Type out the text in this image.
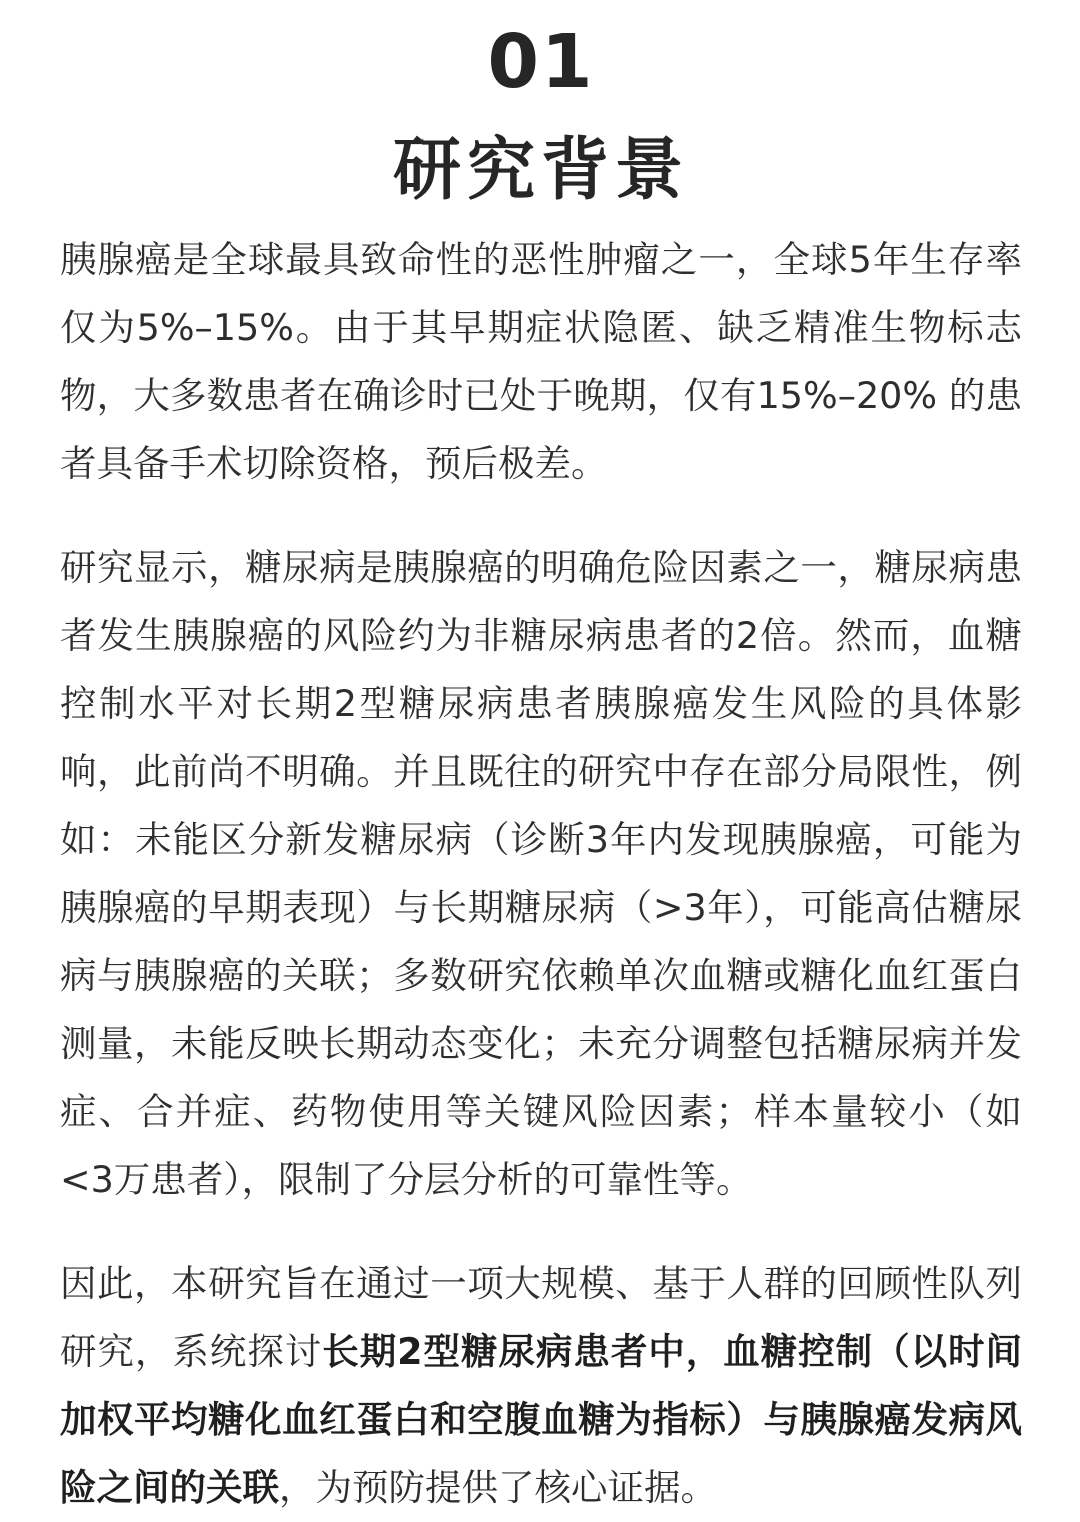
01
研究背景

胰腺癌是全球最具致命性的恶性肿瘤之一，全球5年生存率仅为5%–15%。由于其早期症状隐匿、缺乏精准生物标志物，大多数患者在确诊时已处于晚期，仅有15%–20% 的患者具备手术切除资格，预后极差。

研究显示，糖尿病是胰腺癌的明确危险因素之一，糖尿病患者发生胰腺癌的风险约为非糖尿病患者的2倍。然而，血糖控制水平对长期2型糖尿病患者胰腺癌发生风险的具体影响，此前尚不明确。并且既往的研究中存在部分局限性，例如：未能区分新发糖尿病（诊断3年内发现胰腺癌，可能为胰腺癌的早期表现）与长期糖尿病（>3年），可能高估糖尿病与胰腺癌的关联；多数研究依赖单次血糖或糖化血红蛋白测量，未能反映长期动态变化；未充分调整包括糖尿病并发症、合并症、药物使用等关键风险因素；样本量较小（如<3万患者），限制了分层分析的可靠性等。

因此，本研究旨在通过一项大规模、基于人群的回顾性队列研究，系统探讨长期2型糖尿病患者中，血糖控制（以时间加权平均糖化血红蛋白和空腹血糖为指标）与胰腺癌发病风险之间的关联，为预防提供了核心证据。
